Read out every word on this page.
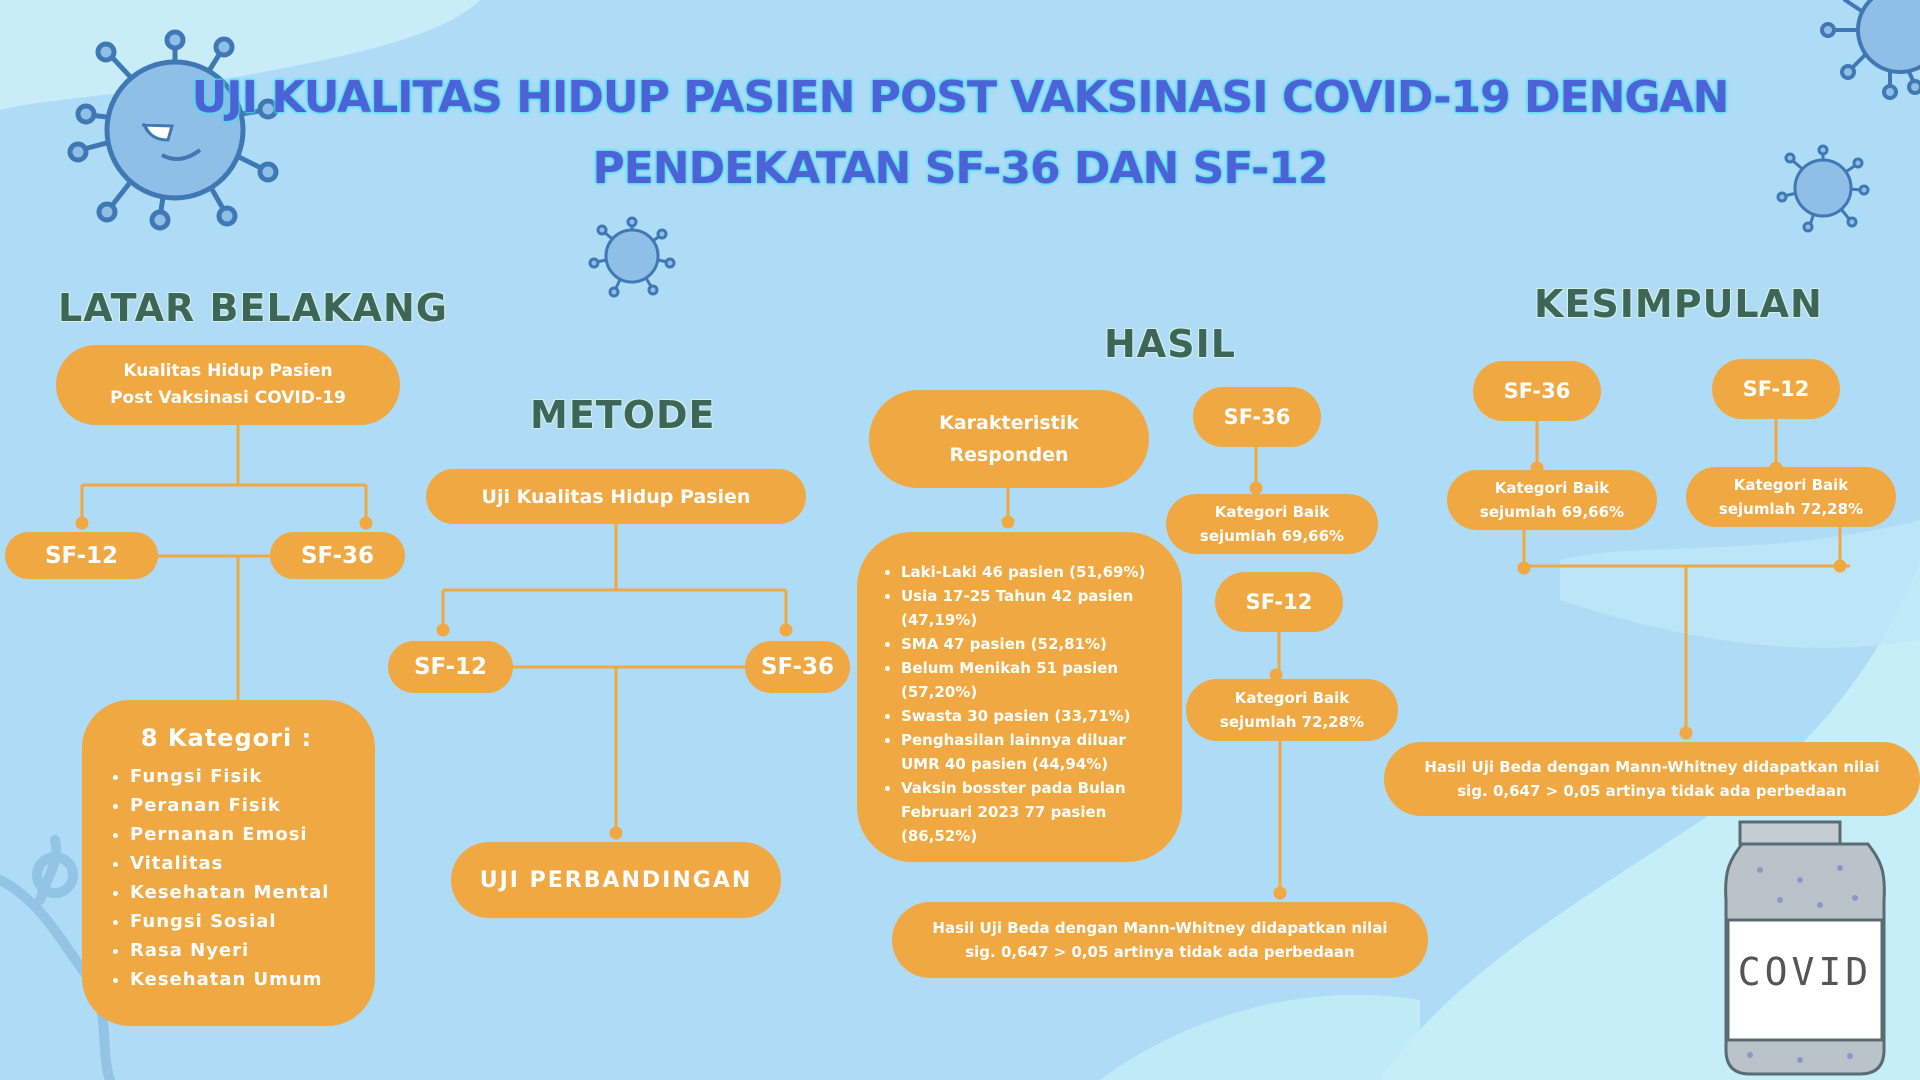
COVID
UJI KUALITAS HIDUP PASIEN POST VAKSINASI COVID-19 DENGAN
PENDEKATAN SF-36 DAN SF-12
LATAR BELAKANG
Kualitas Hidup Pasien
Post Vaksinasi COVID-19
SF-12	SF-36
8 Kategori :
• Fungsi Fisik
• Peranan Fisik
• Pernanan Emosi
• Vitalitas
• Kesehatan Mental
• Fungsi Sosial
• Rasa Nyeri
• Kesehatan Umum
METODE
Uji Kualitas Hidup Pasien
SF-12	SF-36
UJI PERBANDINGAN
HASIL
Karakteristik
Responden
• Laki-Laki 46 pasien (51,69%)
• Usia 17-25 Tahun 42 pasien (47,19%)
• SMA 47 pasien (52,81%)
• Belum Menikah 51 pasien (57,20%)
• Swasta 30 pasien (33,71%)
• Penghasilan lainnya diluar UMR 40 pasien (44,94%)
• Vaksin bosster pada Bulan Februari 2023 77 pasien (86,52%)
SF-36
Kategori Baik
sejumlah 69,66%
SF-12
Kategori Baik
sejumlah 72,28%
Hasil Uji Beda dengan Mann-Whitney didapatkan nilai
sig. 0,647 > 0,05 artinya tidak ada perbedaan
KESIMPULAN
SF-36	SF-12
Kategori Baik
sejumlah 69,66%
Kategori Baik
sejumlah 72,28%
Hasil Uji Beda dengan Mann-Whitney didapatkan nilai
sig. 0,647 > 0,05 artinya tidak ada perbedaan
